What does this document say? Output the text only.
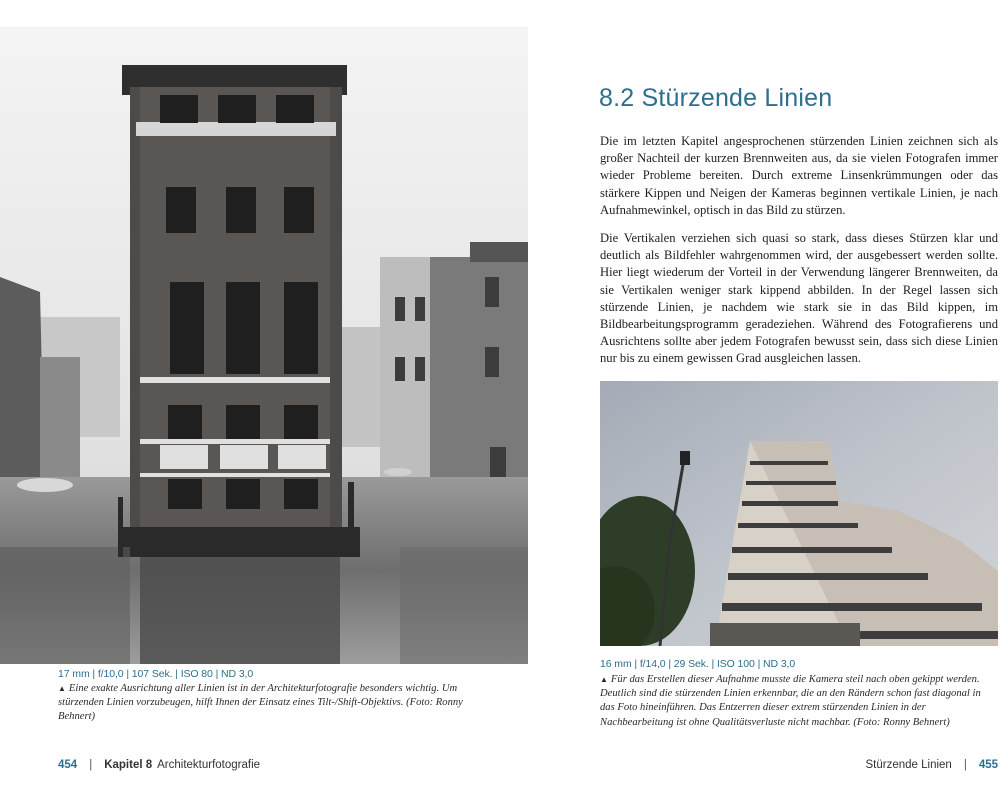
17 mm | f/10,0 | 107 Sek. | ISO 80 | ND 3,0
▲ Eine exakte Ausrichtung aller Linien ist in der Architekturfotografie besonders wichtig. Um stürzenden Linien vorzubeugen, hilft Ihnen der Einsatz eines Tilt-/Shift-Objektivs. (Foto: Ronny Behnert)
8.2 Stürzende Linien

Die im letzten Kapitel angesprochenen stürzenden Linien zeichnen sich als großer Nachteil der kurzen Brennweiten aus, da sie vielen Fotografen immer wieder Probleme bereiten. Durch extreme Linsenkrümmungen oder das stärkere Kippen und Neigen der Kameras beginnen vertikale Linien, je nach Aufnahmewinkel, optisch in das Bild zu stürzen.

Die Vertikalen verziehen sich quasi so stark, dass dieses Stürzen klar und deutlich als Bildfehler wahrgenommen wird, der ausgebessert werden sollte. Hier liegt wiederum der Vorteil in der Verwendung längerer Brennweiten, da sie Vertikalen weniger stark kippend abbilden. In der Regel lassen sich stürzende Linien, je nachdem wie stark sie in das Bild kippen, im Bildbearbeitungsprogramm geradeziehen. Während des Fotografierens und Ausrichtens sollte aber jedem Fotografen bewusst sein, dass sich diese Linien nur bis zu einem gewissen Grad ausgleichen lassen.

16 mm | f/14,0 | 29 Sek. | ISO 100 | ND 3,0
▲ Für das Erstellen dieser Aufnahme musste die Kamera steil nach oben gekippt werden. Deutlich sind die stürzenden Linien erkennbar, die an den Rändern schon fast diagonal in das Foto hineinführen. Das Entzerren dieser extrem stürzenden Linien in der Nachbearbeitung ist ohne Qualitätsverluste nicht machbar. (Foto: Ronny Behnert)
454 | Kapitel 8 Architekturfotografie	Stürzende Linien | 455
